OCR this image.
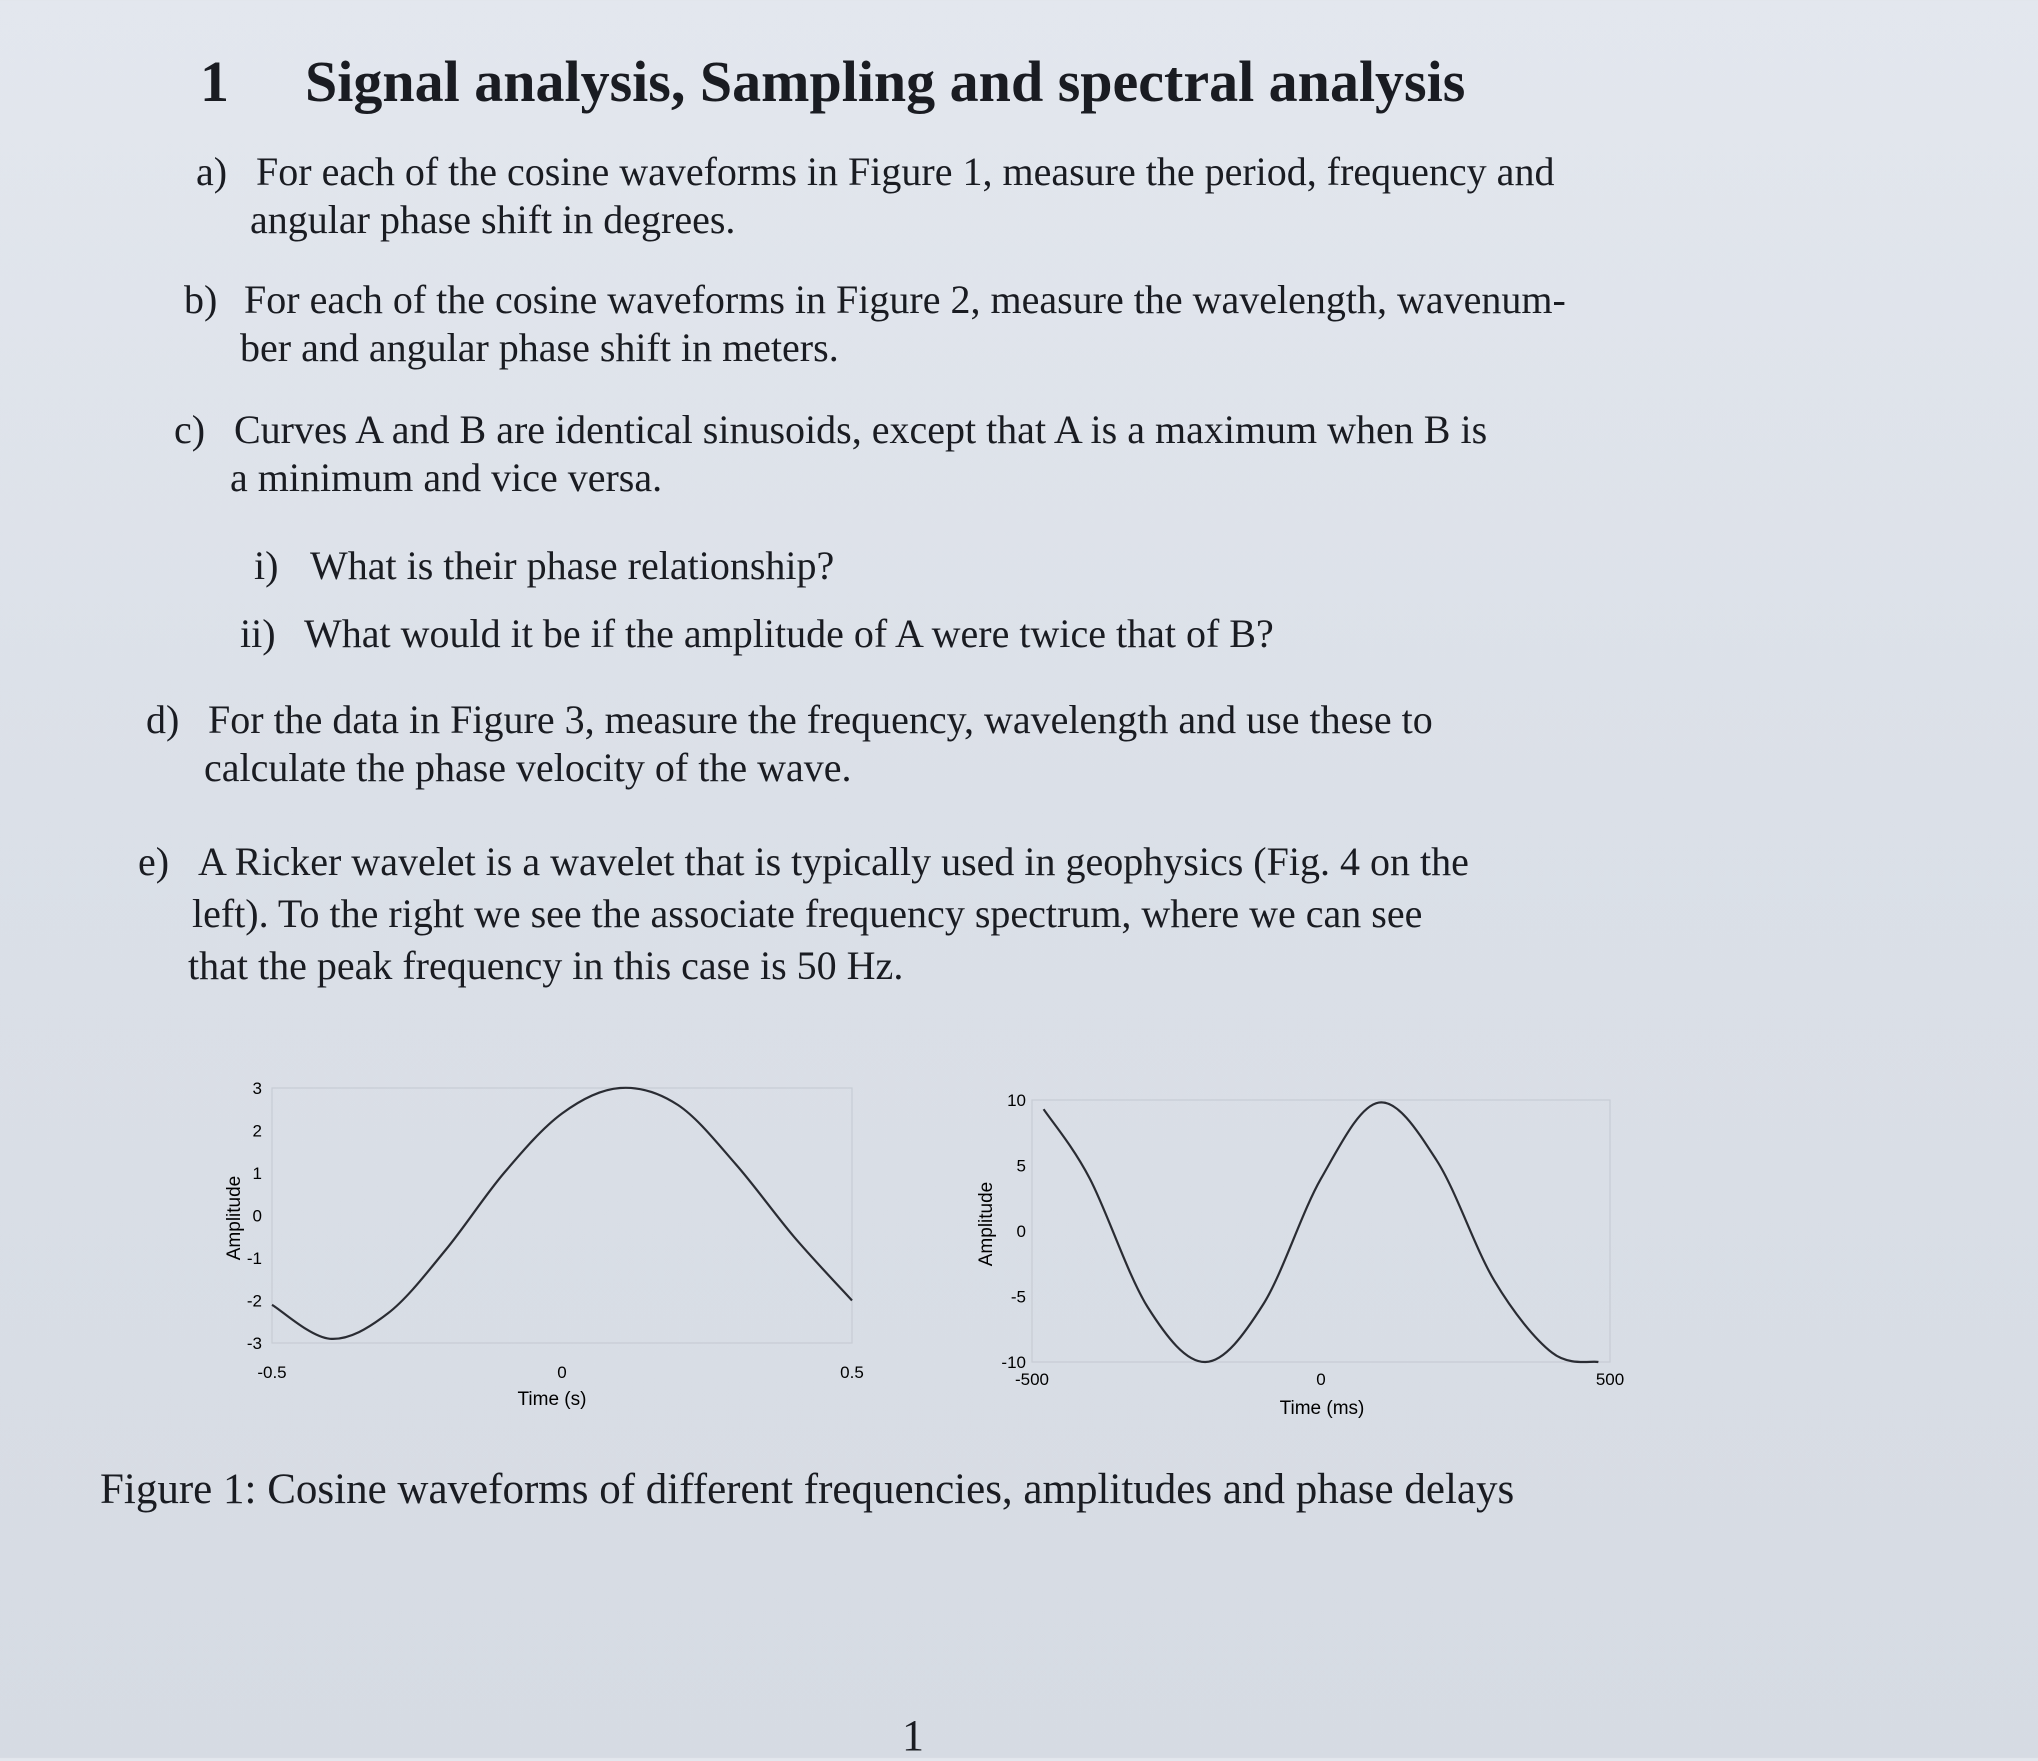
1 Signal analysis, Sampling and spectral analysis
a) For each of the cosine waveforms in Figure 1, measure the period, frequency and
angular phase shift in degrees.
b) For each of the cosine waveforms in Figure 2, measure the wavelength, wavenum-
ber and angular phase shift in meters.
c) Curves A and B are identical sinusoids, except that A is a maximum when B is
a minimum and vice versa.
i) What is their phase relationship?
ii) What would it be if the amplitude of A were twice that of B?
d) For the data in Figure 3, measure the frequency, wavelength and use these to
calculate the phase velocity of the wave.
e) A Ricker wavelet is a wavelet that is typically used in geophysics (Fig. 4 on the
left). To the right we see the associate frequency spectrum, where we can see
that the peak frequency in this case is 50 Hz.
3
2
1
0
-1
-2
-3
-0.5	0	0.5
Time (s)
Amplitude
10
5
0
-5
-10
-500	0	500
Time (ms)
Amplitude
Figure 1: Cosine waveforms of different frequencies, amplitudes and phase delays
1
